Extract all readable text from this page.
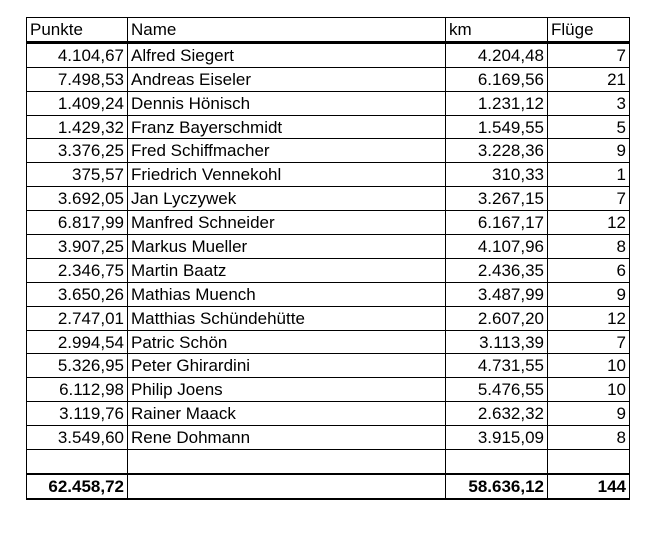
Punkte	Name	km	Flüge
4.104,67	Alfred Siegert	4.204,48	7
7.498,53	Andreas Eiseler	6.169,56	21
1.409,24	Dennis Hönisch	1.231,12	3
1.429,32	Franz Bayerschmidt	1.549,55	5
3.376,25	Fred Schiffmacher	3.228,36	9
375,57	Friedrich Vennekohl	310,33	1
3.692,05	Jan Lyczywek	3.267,15	7
6.817,99	Manfred Schneider	6.167,17	12
3.907,25	Markus Mueller	4.107,96	8
2.346,75	Martin Baatz	2.436,35	6
3.650,26	Mathias Muench	3.487,99	9
2.747,01	Matthias Schündehütte	2.607,20	12
2.994,54	Patric Schön	3.113,39	7
5.326,95	Peter Ghirardini	4.731,55	10
6.112,98	Philip Joens	5.476,55	10
3.119,76	Rainer Maack	2.632,32	9
3.549,60	Rene Dohmann	3.915,09	8

62.458,72		58.636,12	144
